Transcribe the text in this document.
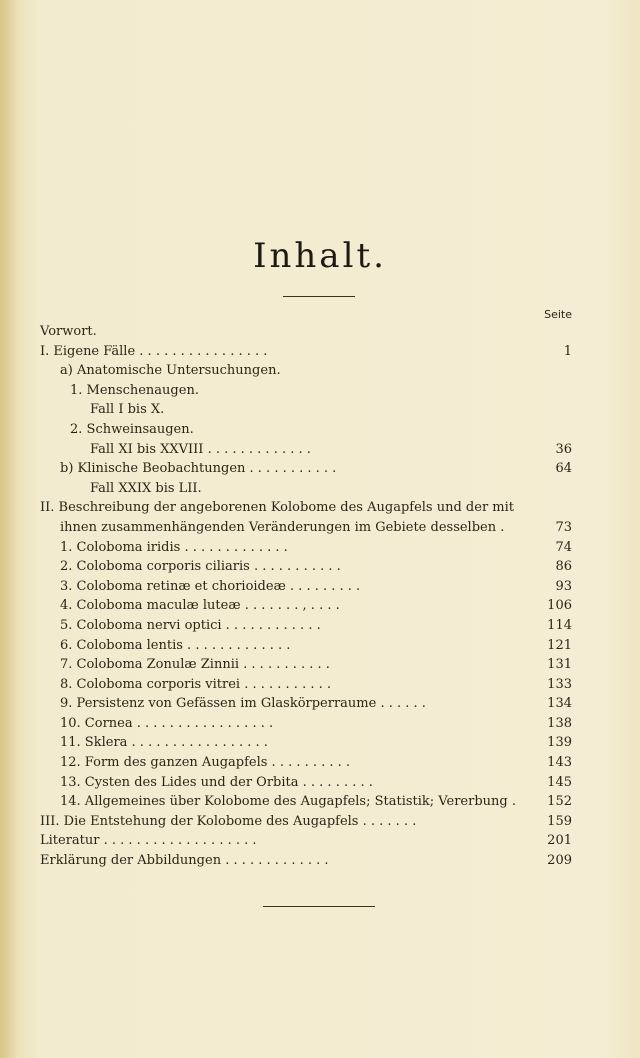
Inhalt.
Seite
Vorwort.
I. Eigene Fälle . . . . . . . . . . . . . . . .	1
a) Anatomische Untersuchungen.
1. Menschenaugen.
Fall I bis X.
2. Schweinsaugen.
Fall XI bis XXVIII . . . . . . . . . . . . .	36
b) Klinische Beobachtungen . . . . . . . . . . .	64
Fall XXIX bis LII.
II. Beschreibung der angeborenen Kolobome des Augapfels und der mit
ihnen zusammenhängenden Veränderungen im Gebiete desselben .	73
1. Coloboma iridis . . . . . . . . . . . . .	74
2. Coloboma corporis ciliaris . . . . . . . . . . .	86
3. Coloboma retinæ et chorioideæ . . . . . . . . .	93
4. Coloboma maculæ luteæ . . . . . . . , . . . .	106
5. Coloboma nervi optici . . . . . . . . . . . .	114
6. Coloboma lentis . . . . . . . . . . . . .	121
7. Coloboma Zonulæ Zinnii . . . . . . . . . . .	131
8. Coloboma corporis vitrei . . . . . . . . . . .	133
9. Persistenz von Gefässen im Glaskörperraume . . . . . .	134
10. Cornea . . . . . . . . . . . . . . . . .	138
11. Sklera . . . . . . . . . . . . . . . . .	139
12. Form des ganzen Augapfels . . . . . . . . . .	143
13. Cysten des Lides und der Orbita . . . . . . . . .	145
14. Allgemeines über Kolobome des Augapfels; Statistik; Vererbung . 152
III. Die Entstehung der Kolobome des Augapfels . . . . . . .	159
Literatur . . . . . . . . . . . . . . . . . . .	201
Erklärung der Abbildungen . . . . . . . . . . . . .	209
